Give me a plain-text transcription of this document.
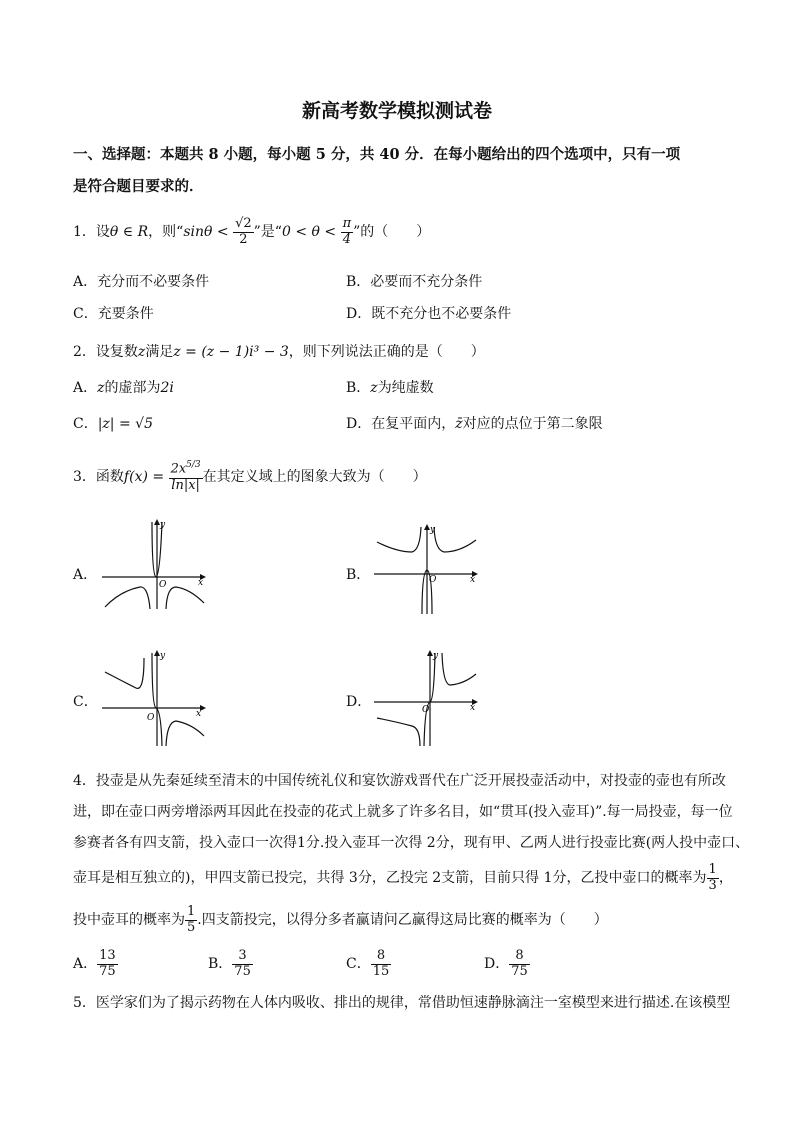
新高考数学模拟测试卷
一、选择题：本题共 8 小题，每小题 5 分，共 40 分．在每小题给出的四个选项中，只有一项
是符合题目要求的．
1．设θ ∈ R，则“$\sin\theta < \frac{√2}{2}$ ”是“$0 < \theta < \frac{\pi}{4}$ ”的（　　）
A．充分而不必要条件	B．必要而不充分条件
C．充要条件	D．既不充分也不必要条件
2．设复数z满足z = (z − 1)i³ − 3，则下列说法正确的是（　　）
A．z的虚部为2i	B．z为纯虚数
C．|z| = √5	D．在复平面内，z̄对应的点位于第二象限
3．函数$f(x) = \frac{2x^{5/3}}{\ln|x|}$ 在其定义域上的图象大致为（　　）
A．	B．
C．	D．
O	x
y
O	x
y
O	x
y
O	x
y
4．投壶是从先秦延续至清末的中国传统礼仪和宴饮游戏晋代在广泛开展投壶活动中，对投壶的壶也有所改
进，即在壶口两旁增添两耳因此在投壶的花式上就多了许多名目，如“贯耳(投入壶耳)”.每一局投壶，每一位
参赛者各有四支箭，投入壶口一次得1分.投入壶耳一次得 2分，现有甲、乙两人进行投壶比赛(两人投中壶口、
壶耳是相互独立的)，甲四支箭已投完，共得 3分，乙投完 2支箭，目前只得 1分，乙投中壶口的概率为 $\frac{1}{3}$ ，
投中壶耳的概率为 $\frac{1}{5}$ .四支箭投完，以得分多者赢请问乙赢得这局比赛的概率为（　　）
A． $\frac{13}{75}$	B． $\frac{3}{75}$	C． $\frac{8}{15}$	D． $\frac{8}{75}$
5．医学家们为了揭示药物在人体内吸收、排出的规律，常借助恒速静脉滴注一室模型来进行描述.在该模型
